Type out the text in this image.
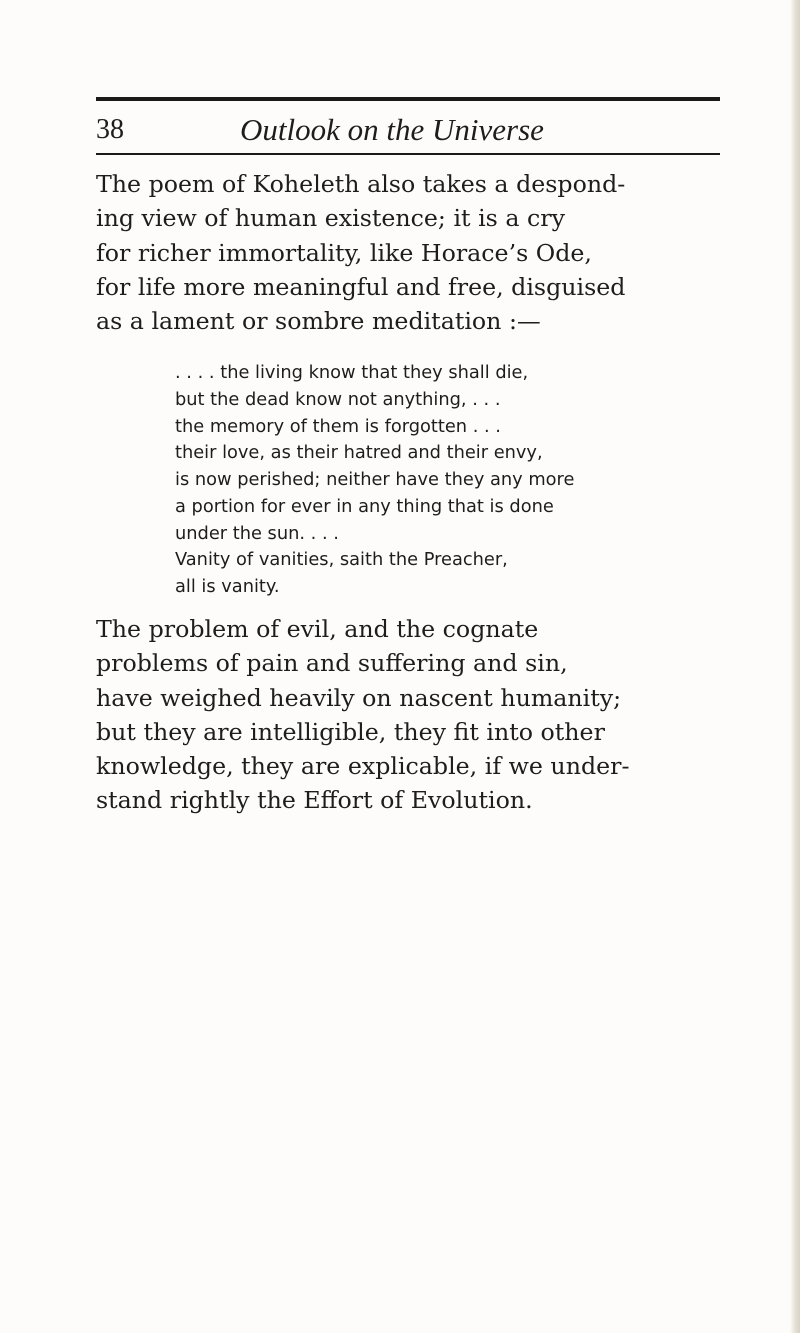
38	Outlook on the Universe

The poem of Koheleth also takes a despond-
ing view of human existence; it is a cry
for richer immortality, like Horace’s Ode,
for life more meaningful and free, disguised
as a lament or sombre meditation :—

. . . . the living know that they shall die,
but the dead know not anything, . . .
the memory of them is forgotten . . .
their love, as their hatred and their envy,
is now perished; neither have they any more
a portion for ever in any thing that is done
under the sun. . . .
Vanity of vanities, saith the Preacher,
all is vanity.

The problem of evil, and the cognate
problems of pain and suffering and sin,
have weighed heavily on nascent humanity;
but they are intelligible, they fit into other
knowledge, they are explicable, if we under-
stand rightly the Effort of Evolution.
